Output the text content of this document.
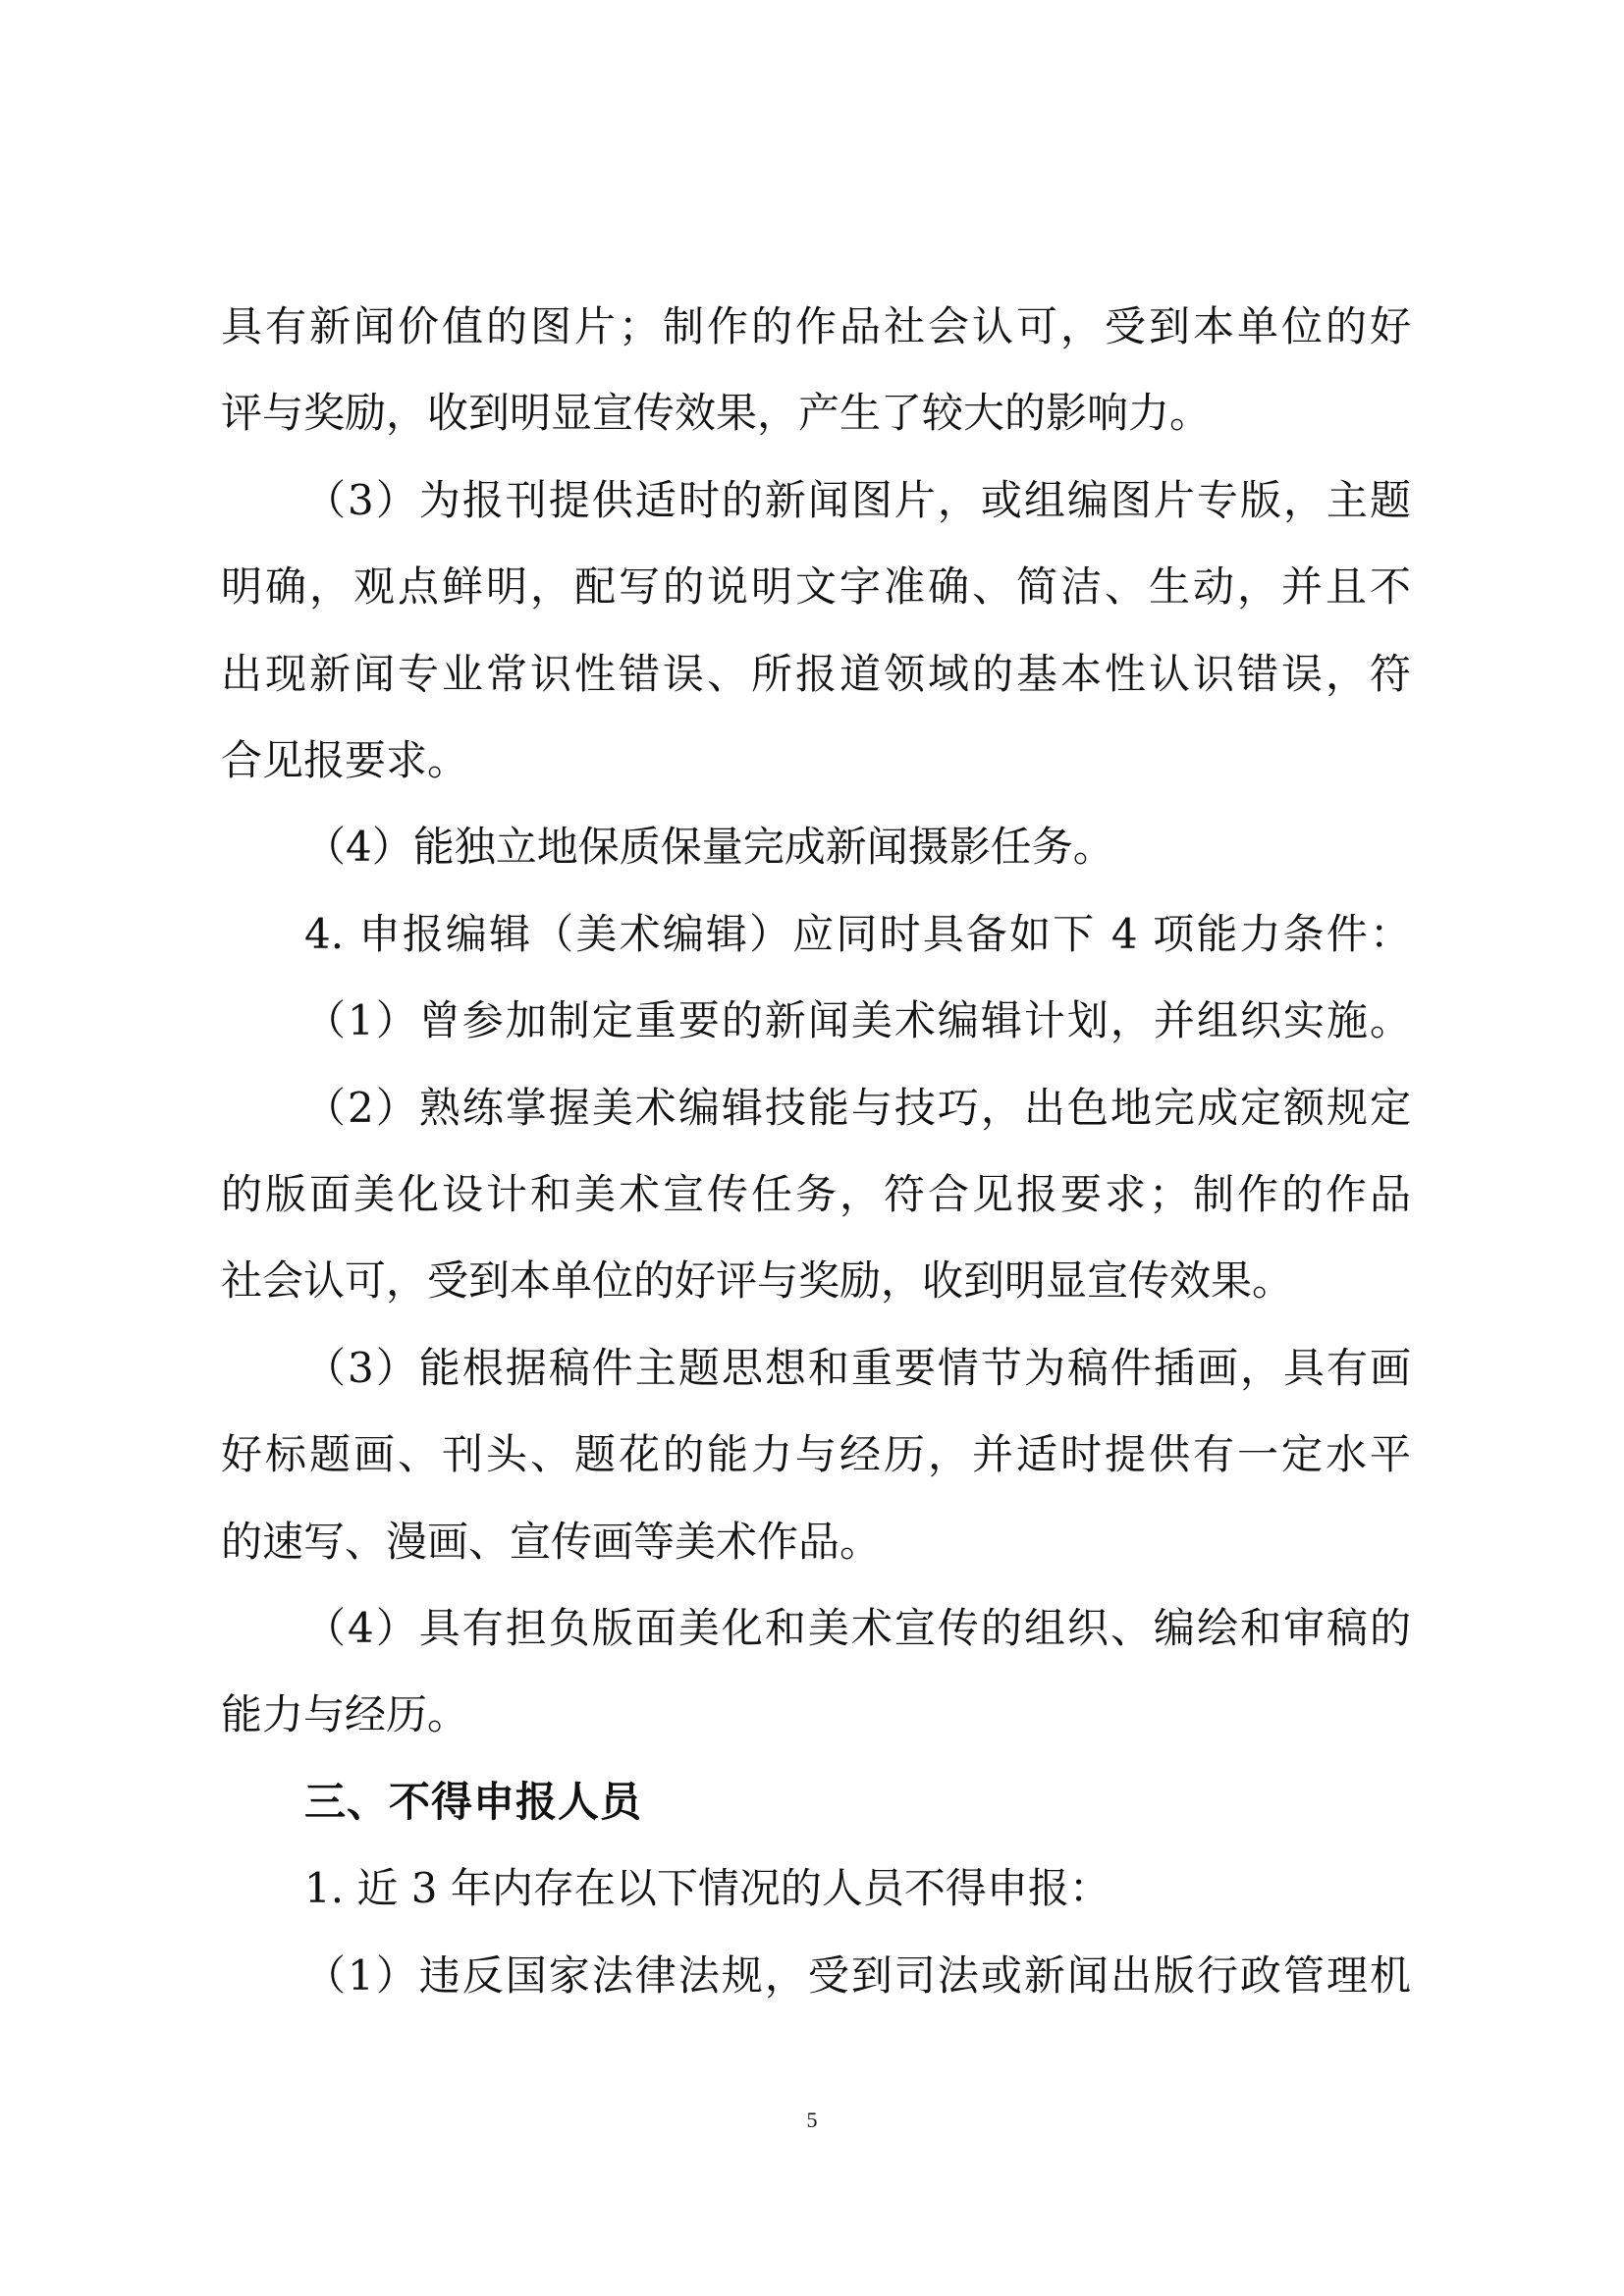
具有新闻价值的图片；制作的作品社会认可，受到本单位的好
评与奖励，收到明显宣传效果，产生了较大的影响力。
（3）为报刊提供适时的新闻图片，或组编图片专版，主题
明确，观点鲜明，配写的说明文字准确、简洁、生动，并且不
出现新闻专业常识性错误、所报道领域的基本性认识错误，符
合见报要求。
（4）能独立地保质保量完成新闻摄影任务。
4. 申报编辑（美术编辑）应同时具备如下 4 项能力条件：
（1）曾参加制定重要的新闻美术编辑计划，并组织实施。
（2）熟练掌握美术编辑技能与技巧，出色地完成定额规定
的版面美化设计和美术宣传任务，符合见报要求；制作的作品
社会认可，受到本单位的好评与奖励，收到明显宣传效果。
（3）能根据稿件主题思想和重要情节为稿件插画，具有画
好标题画、刊头、题花的能力与经历，并适时提供有一定水平
的速写、漫画、宣传画等美术作品。
（4）具有担负版面美化和美术宣传的组织、编绘和审稿的
能力与经历。
三、不得申报人员
1. 近 3 年内存在以下情况的人员不得申报：
（1）违反国家法律法规，受到司法或新闻出版行政管理机
5
